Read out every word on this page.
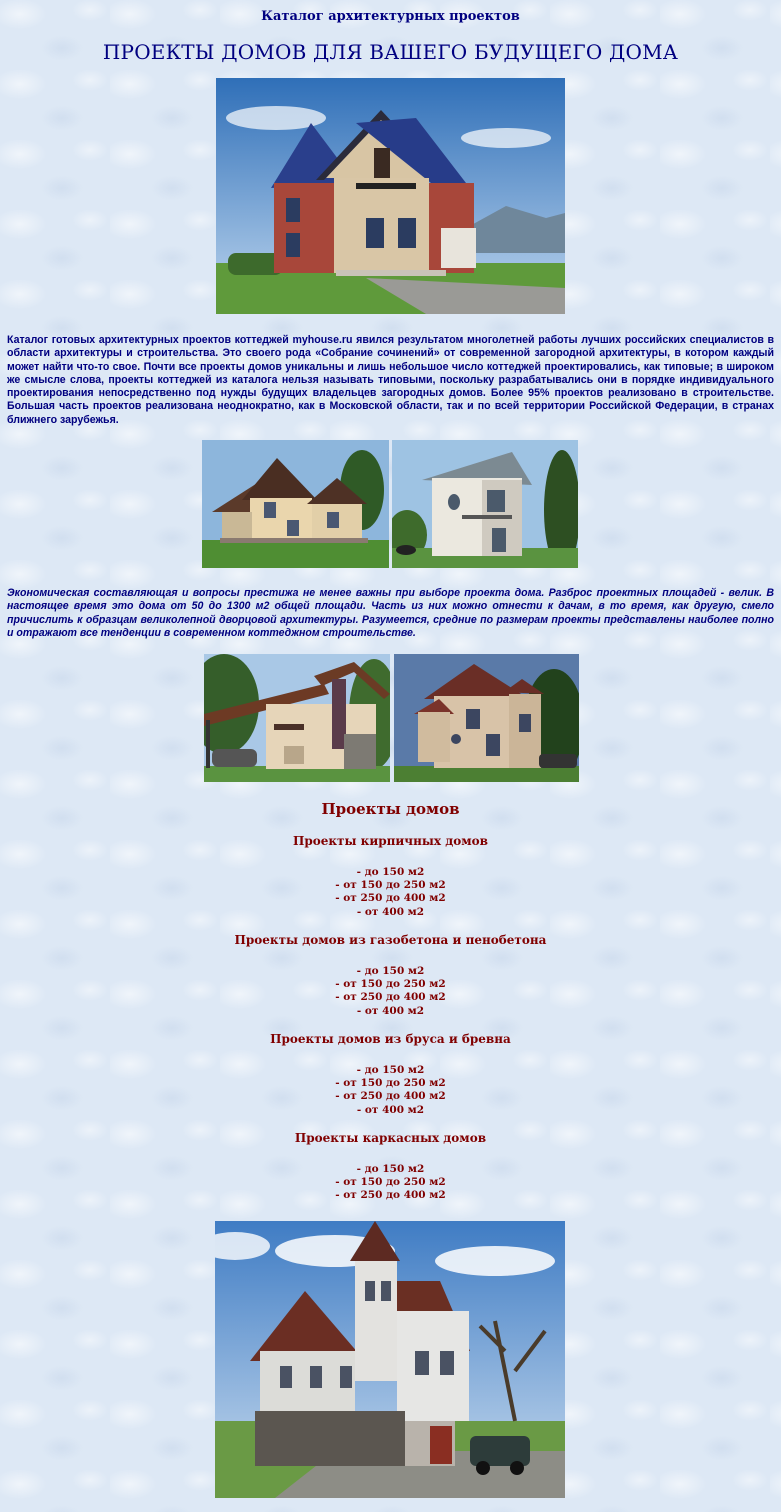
Каталог архитектурных проектов
ПРОЕКТЫ ДОМОВ ДЛЯ ВАШЕГО БУДУЩЕГО ДОМА
Каталог готовых архитектурных проектов коттеджей myhouse.ru явился результатом многолетней работы лучших российских специалистов в области архитектуры и строительства. Это своего рода «Собрание сочинений» от современной загородной архитектуры, в котором каждый может найти что-то свое. Почти все проекты домов уникальны и лишь небольшое число коттеджей проектировались, как типовые; в широком же смысле слова, проекты коттеджей из каталога нельзя называть типовыми, поскольку разрабатывались они в порядке индивидуального проектирования непосредственно под нужды будущих владельцев загородных домов. Более 95% проектов реализовано в строительстве. Большая часть проектов реализована неоднократно, как в Московской области, так и по всей территории Российской Федерации, в странах ближнего зарубежья.
Экономическая составляющая и вопросы престижа не менее важны при выборе проекта дома. Разброс проектных площадей - велик. В настоящее время это дома от 50 до 1300 м2 общей площади. Часть из них можно отнести к дачам, в то время, как другую, смело причислить к образцам великолепной дворцовой архитектуры. Разумеется, средние по размерам проекты представлены наиболее полно и отражают все тенденции в современном коттеджном строительстве.
Проекты домов
Проекты кирпичных домов
- до 150 м2
- от 150 до 250 м2
- от 250 до 400 м2
- от 400 м2
Проекты домов из газобетона и пенобетона
- до 150 м2
- от 150 до 250 м2
- от 250 до 400 м2
- от 400 м2
Проекты домов из бруса и бревна
- до 150 м2
- от 150 до 250 м2
- от 250 до 400 м2
- от 400 м2
Проекты каркасных домов
- до 150 м2
- от 150 до 250 м2
- от 250 до 400 м2
